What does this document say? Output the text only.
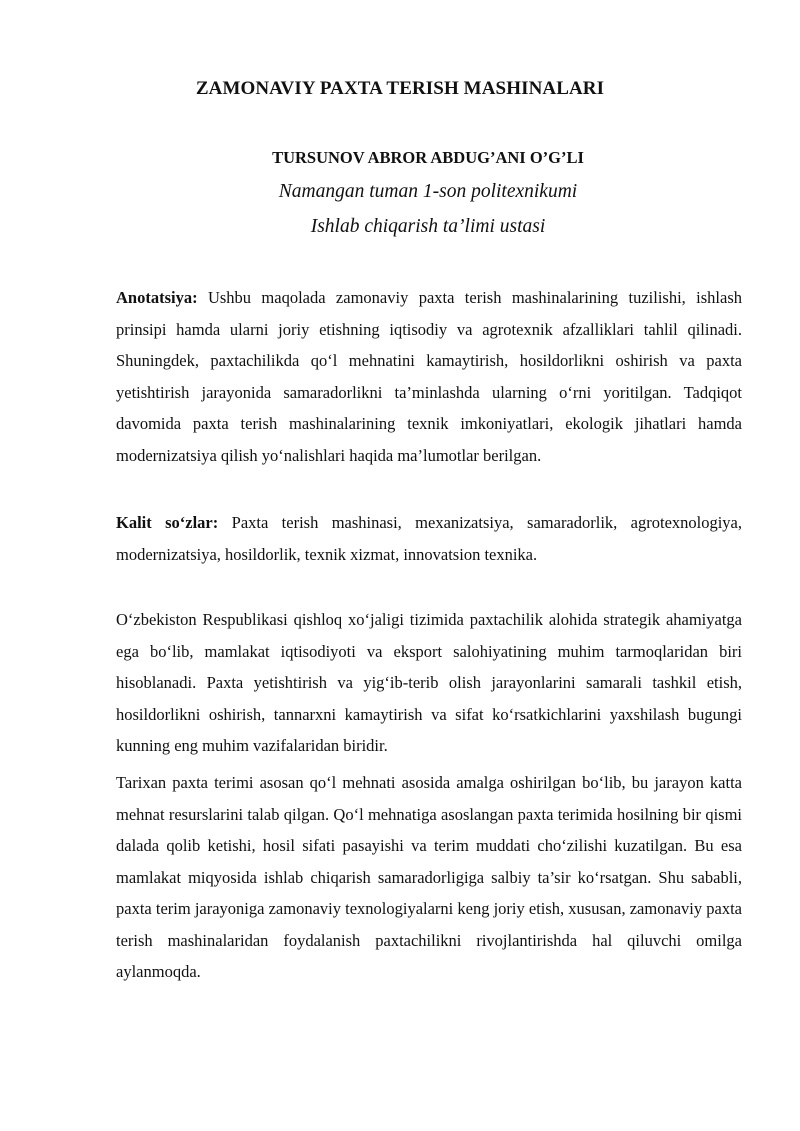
ZAMONAVIY PAXTA TERISH MASHINALARI
TURSUNOV ABROR ABDUG’ANI O’G’LI
Namangan tuman 1-son politexnikumi
Ishlab chiqarish ta’limi ustasi

Anotatsiya: Ushbu maqolada zamonaviy paxta terish mashinalarining tuzilishi, ishlash prinsipi hamda ularni joriy etishning iqtisodiy va agrotexnik afzalliklari tahlil qilinadi. Shuningdek, paxtachilikda qo‘l mehnatini kamaytirish, hosildorlikni oshirish va paxta yetishtirish jarayonida samaradorlikni ta’minlashda ularning o‘rni yoritilgan. Tadqiqot davomida paxta terish mashinalarining texnik imkoniyatlari, ekologik jihatlari hamda modernizatsiya qilish yo‘nalishlari haqida ma’lumotlar berilgan.

Kalit so‘zlar: Paxta terish mashinasi, mexanizatsiya, samaradorlik, agrotexnologiya, modernizatsiya, hosildorlik, texnik xizmat, innovatsion texnika.

O‘zbekiston Respublikasi qishloq xo‘jaligi tizimida paxtachilik alohida strategik ahamiyatga ega bo‘lib, mamlakat iqtisodiyoti va eksport salohiyatining muhim tarmoqlaridan biri hisoblanadi. Paxta yetishtirish va yig‘ib-terib olish jarayonlarini samarali tashkil etish, hosildorlikni oshirish, tannarxni kamaytirish va sifat ko‘rsatkichlarini yaxshilash bugungi kunning eng muhim vazifalaridan biridir.

Tarixan paxta terimi asosan qo‘l mehnati asosida amalga oshirilgan bo‘lib, bu jarayon katta mehnat resurslarini talab qilgan. Qo‘l mehnatiga asoslangan paxta terimida hosilning bir qismi dalada qolib ketishi, hosil sifati pasayishi va terim muddati cho‘zilishi kuzatilgan. Bu esa mamlakat miqyosida ishlab chiqarish samaradorligiga salbiy ta’sir ko‘rsatgan. Shu sababli, paxta terim jarayoniga zamonaviy texnologiyalarni keng joriy etish, xususan, zamonaviy paxta terish mashinalaridan foydalanish paxtachilikni rivojlantirishda hal qiluvchi omilga aylanmoqda.
